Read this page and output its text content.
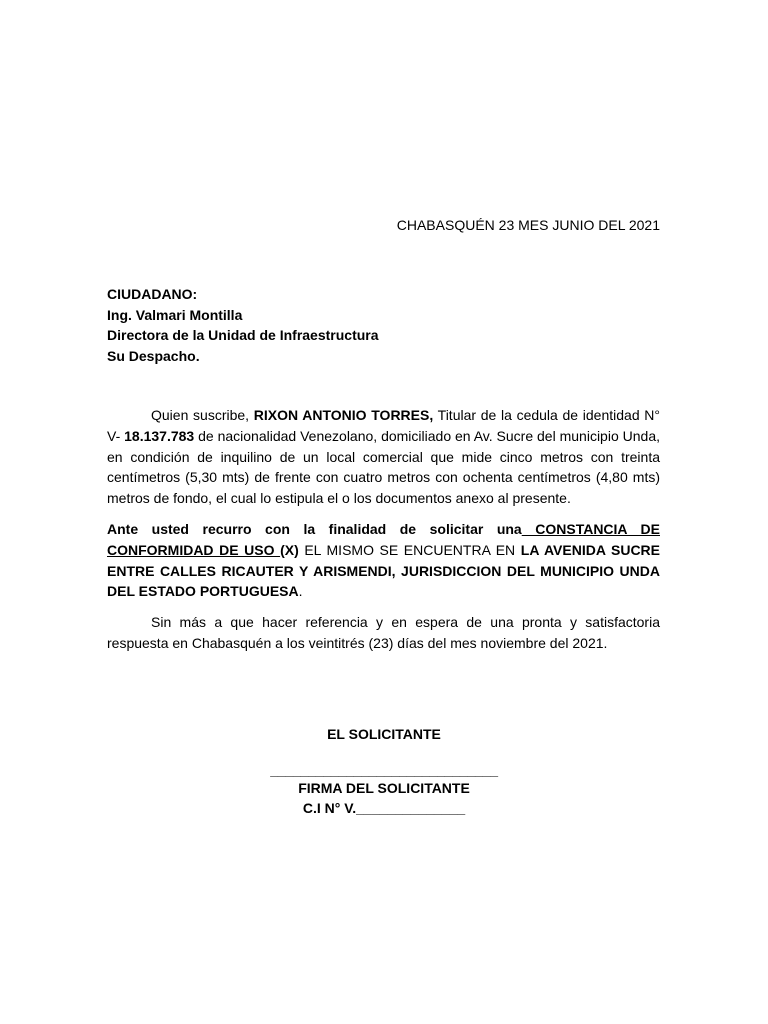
CHABASQUÉN 23 MES JUNIO DEL 2021
CIUDADANO:
Ing. Valmari Montilla
Directora de la Unidad de Infraestructura
Su Despacho.

Quien suscribe, RIXON ANTONIO TORRES, Titular de la cedula de identidad N° V- 18.137.783 de nacionalidad Venezolano, domiciliado en Av. Sucre del municipio Unda, en condición de inquilino de un local comercial que mide cinco metros con treinta centímetros (5,30 mts) de frente con cuatro metros con ochenta centímetros (4,80 mts) metros de fondo, el cual lo estipula el o los documentos anexo al presente.

Ante usted recurro con la finalidad de solicitar una CONSTANCIA DE CONFORMIDAD DE USO (X) EL MISMO SE ENCUENTRA EN LA AVENIDA SUCRE ENTRE CALLES RICAUTER Y ARISMENDI, JURISDICCION DEL MUNICIPIO UNDA DEL ESTADO PORTUGUESA.

Sin más a que hacer referencia y en espera de una pronta y satisfactoria respuesta en Chabasquén a los veintitrés (23) días del mes noviembre del 2021.

EL SOLICITANTE
______________________________
FIRMA DEL SOLICITANTE
C.I N° V.______________
